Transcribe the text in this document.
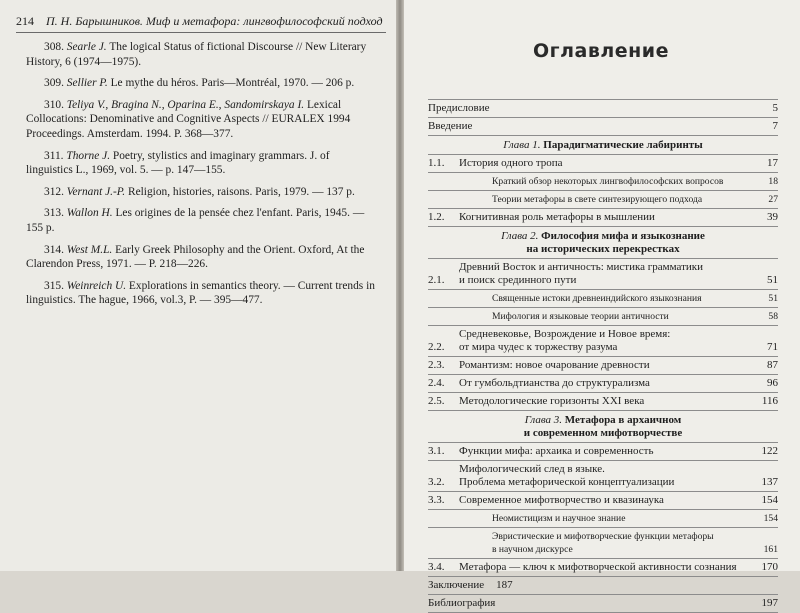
214 П. Н. Барышников. Миф и метафора: лингвофилософский подход
308. Searle J. The logical Status of fictional Discourse // New Literary History, 6 (1974—1975).
309. Sellier P. Le mythe du héros. Paris—Montréal, 1970. — 206 p.
310. Teliya V., Bragina N., Oparina E., Sandomirskaya I. Lexical Collocations: Denominative and Cognitive Aspects // EURALEX 1994 Proceedings. Amsterdam. 1994. P. 368—377.
311. Thorne J. Poetry, stylistics and imaginary grammars. J. of linguistics L., 1969, vol. 5. — p. 147—155.
312. Vernant J.-P. Religion, histories, raisons. Paris, 1979. — 137 p.
313. Wallon H. Les origines de la pensée chez l'enfant. Paris, 1945. — 155 p.
314. West M.L. Early Greek Philosophy and the Orient. Oxford, At the Clarendon Press, 1971. — P. 218—226.
315. Weinreich U. Explorations in semantics theory. — Current trends in linguistics. The hague, 1966, vol.3, P. — 395—477.
Оглавление
Предисловие	5
Введение	7
Глава 1. Парадигматические лабиринты
1.1.	История одного тропа	17
Краткий обзор некоторых лингвофилософских вопросов	18
Теории метафоры в свете синтезирующего подхода	27
1.2.	Когнитивная роль метафоры в мышлении	39
Глава 2. Философия мифа и языкознание
на исторических перекрестках
2.1.
Древний Восток и античность: мистика грамматики
и поиск срединного пути	51
Священные истоки древнеиндийского языкознания	51
Мифология и языковые теории античности	58
2.2.
Средневековье, Возрождение и Новое время:
от мира чудес к торжеству разума	71
2.3.	Романтизм: новое очарование древности	87
2.4.	От гумбольдтианства до структурализма	96
2.5.	Методологические горизонты XXI века	116
Глава 3. Метафора в архаичном
и современном мифотворчестве
3.1.	Функции мифа: архаика и современность	122
3.2.
Мифологический след в языке.
Проблема метафорической концептуализации	137
3.3.	Современное мифотворчество и квазинаука	154
Неомистицизм и научное знание	154
Эвристические и мифотворческие функции метафоры
в научном дискурсе	161
3.4.	Метафора — ключ к мифотворческой активности сознания	170
Заключение	187
Библиография	197
